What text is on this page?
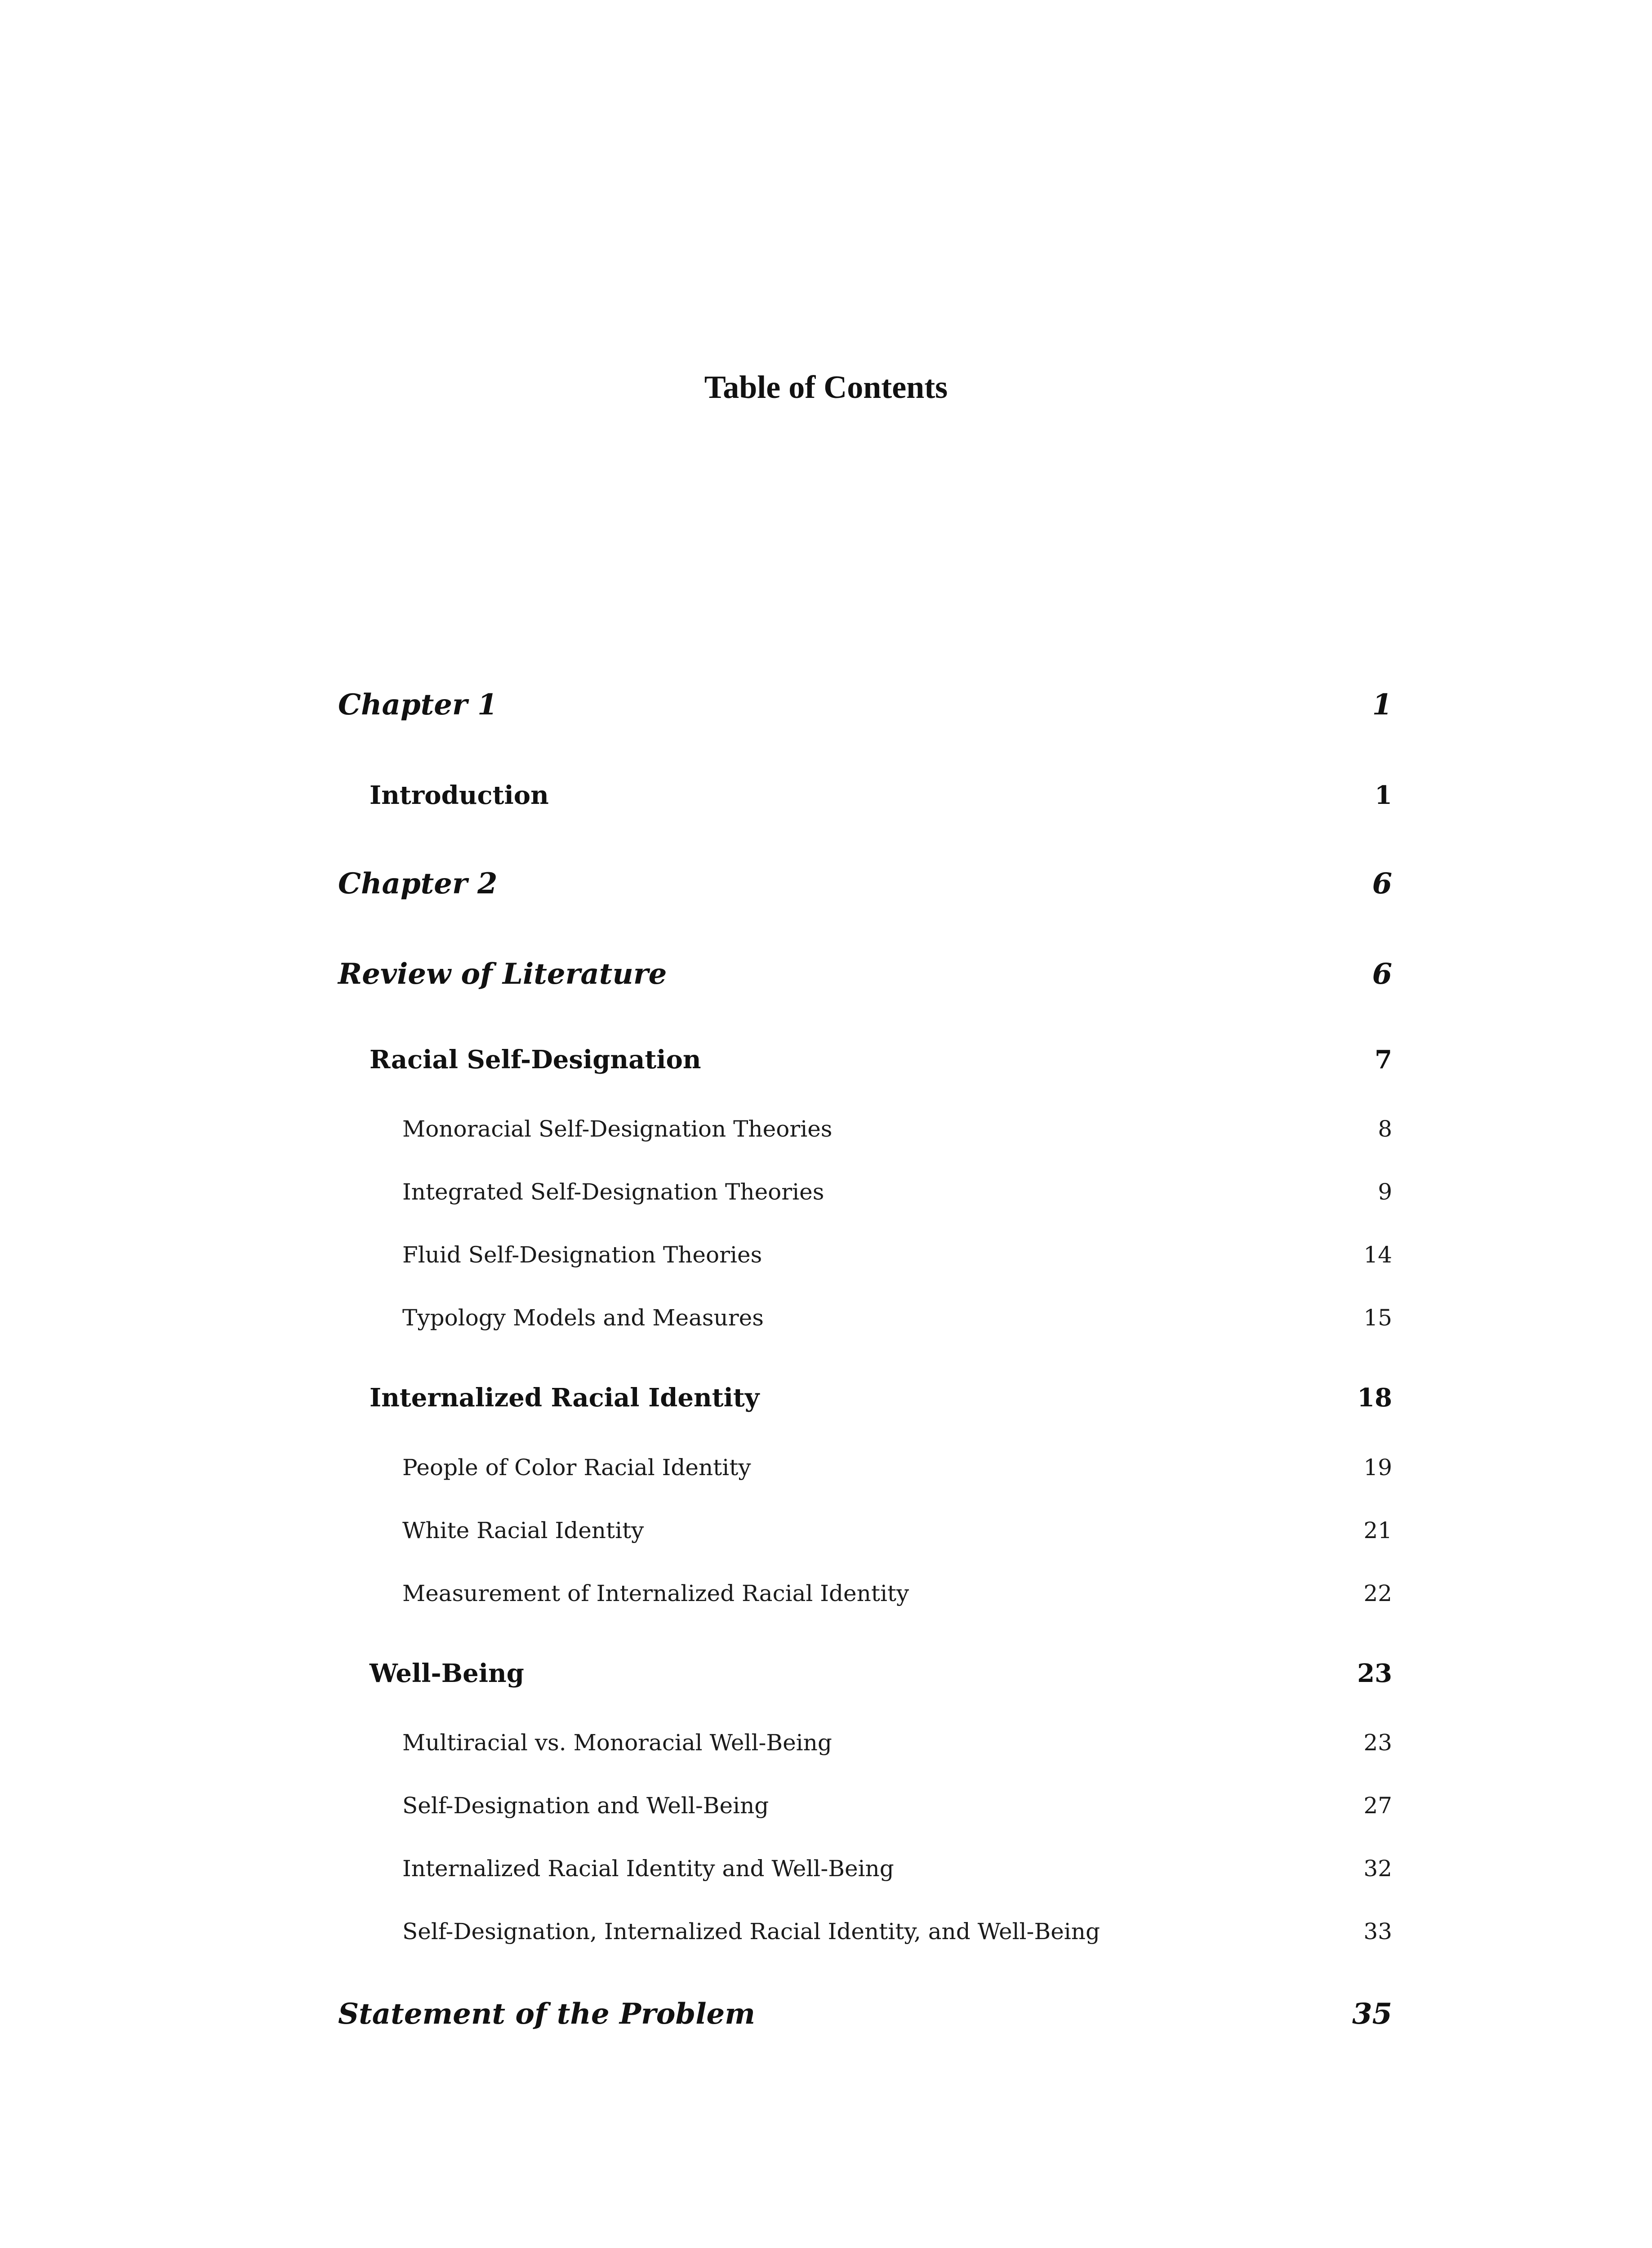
Table of Contents
Chapter 1	1
Introduction	1
Chapter 2	6
Review of Literature	6
Racial Self-Designation	7
Monoracial Self-Designation Theories	8
Integrated Self-Designation Theories	9
Fluid Self-Designation Theories	14
Typology Models and Measures	15
Internalized Racial Identity	18
People of Color Racial Identity	19
White Racial Identity	21
Measurement of Internalized Racial Identity	22
Well-Being	23
Multiracial vs. Monoracial Well-Being	23
Self-Designation and Well-Being	27
Internalized Racial Identity and Well-Being	32
Self-Designation, Internalized Racial Identity, and Well-Being	33
Statement of the Problem	35
